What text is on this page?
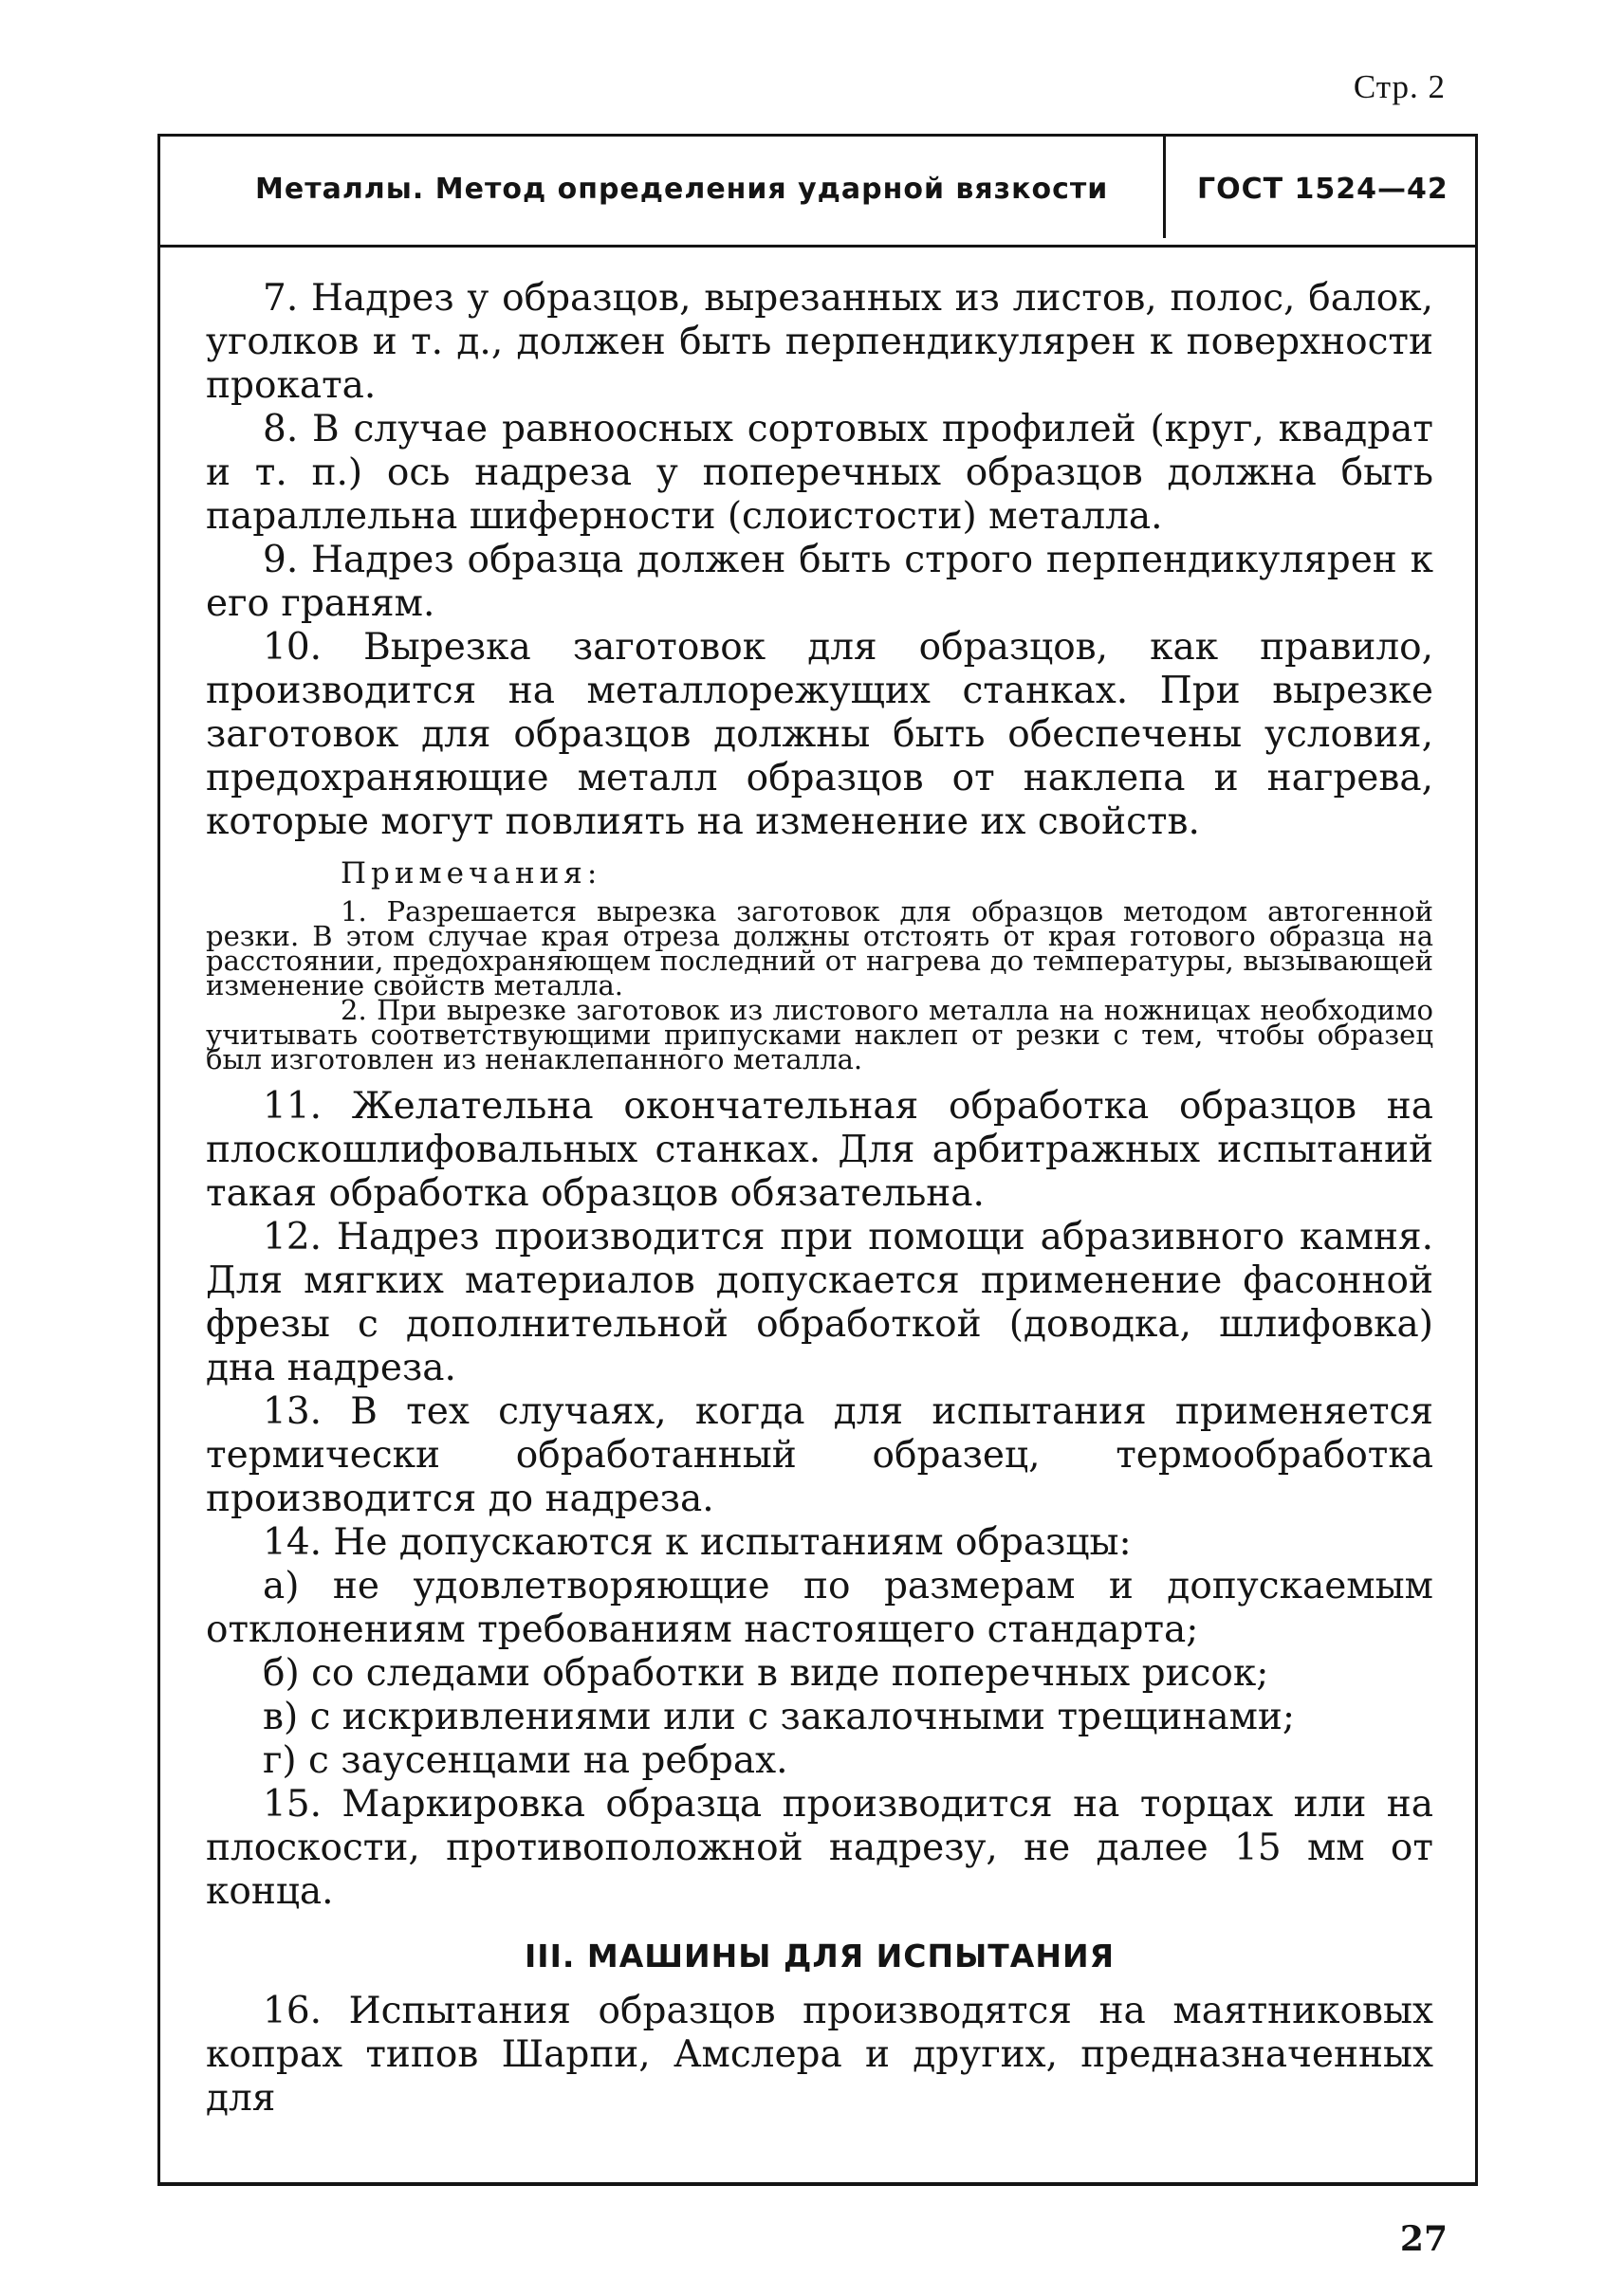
Стр. 2
Металлы. Метод определения ударной вязкости	ГОСТ 1524—42

7. Надрез у образцов, вырезанных из листов, полос, балок, уголков и т. д., должен быть перпендикулярен к поверхности проката.

8. В случае равноосных сортовых профилей (круг, квадрат и т. п.) ось надреза у поперечных образцов должна быть параллельна шиферности (слоистости) металла.

9. Надрез образца должен быть строго перпендикулярен к его граням.

10. Вырезка заготовок для образцов, как правило, производится на металлорежущих станках. При вырезке заготовок для образцов должны быть обеспечены условия, предохраняющие металл образцов от наклепа и нагрева, которые могут повлиять на изменение их свойств.

Примечания:

1. Разрешается вырезка заготовок для образцов методом автогенной резки. В этом случае края отреза должны отстоять от края готового образца на расстоянии, предохраняющем последний от нагрева до температуры, вызывающей изменение свойств металла.

2. При вырезке заготовок из листового металла на ножницах необходимо учитывать соответствующими припусками наклеп от резки с тем, чтобы образец был изготовлен из ненаклепанного металла.

11. Желательна окончательная обработка образцов на плоскошлифовальных станках. Для арбитражных испытаний такая обработка образцов обязательна.

12. Надрез производится при помощи абразивного камня. Для мягких материалов допускается применение фасонной фрезы с дополнительной обработкой (доводка, шлифовка) дна надреза.

13. В тех случаях, когда для испытания применяется термически обработанный образец, термообработка производится до надреза.

14. Не допускаются к испытаниям образцы:

а) не удовлетворяющие по размерам и допускаемым отклонениям требованиям настоящего стандарта;

б) со следами обработки в виде поперечных рисок;

в) с искривлениями или с закалочными трещинами;

г) с заусенцами на ребрах.

15. Маркировка образца производится на торцах или на плоскости, противоположной надрезу, не далее 15 мм от конца.

III. МАШИНЫ ДЛЯ ИСПЫТАНИЯ

16. Испытания образцов производятся на маятниковых копрах типов Шарпи, Амслера и других, предназначенных для

27
